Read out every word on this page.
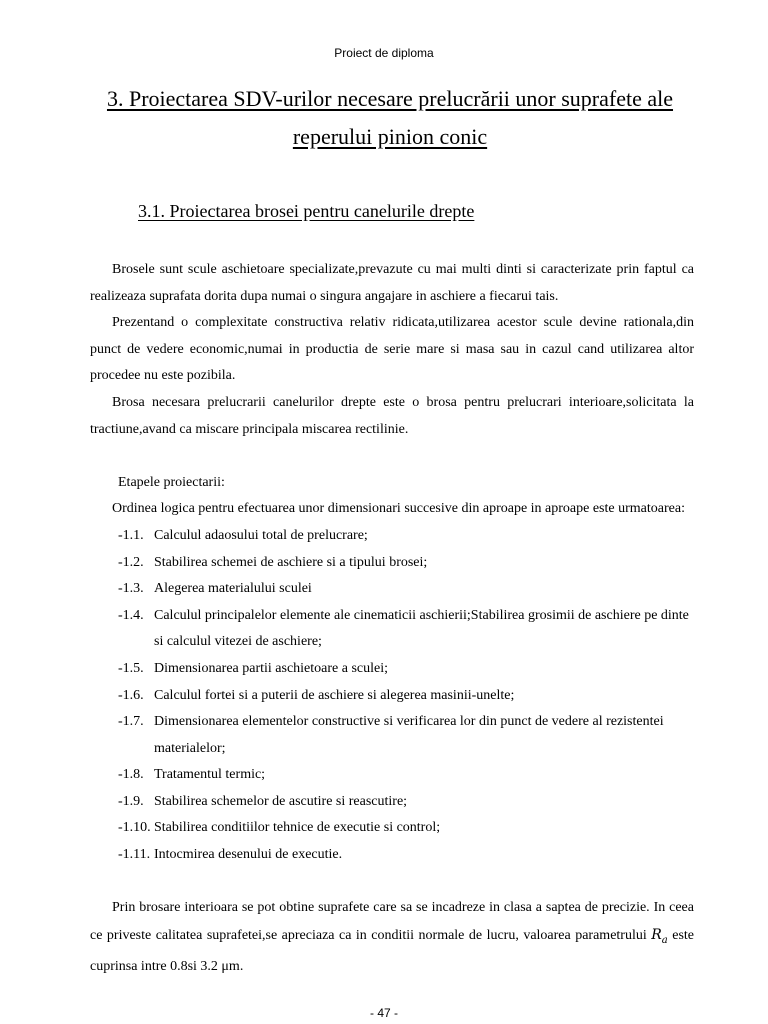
Proiect de diploma
3. Proiectarea SDV-urilor necesare prelucrării unor suprafete ale
reperului pinion conic
3.1. Proiectarea brosei pentru canelurile drepte

Brosele sunt scule aschietoare specializate,prevazute cu mai multi dinti si caracterizate prin faptul ca realizeaza suprafata dorita dupa numai o singura angajare in aschiere a fiecarui tais.

Prezentand o complexitate constructiva relativ ridicata,utilizarea acestor scule devine rationala,din punct de vedere economic,numai in productia de serie mare si masa sau in cazul cand utilizarea altor procedee nu este pozibila.

Brosa necesara prelucrarii canelurilor drepte este o brosa pentru prelucrari interioare,solicitata la tractiune,avand ca miscare principala miscarea rectilinie.

Etapele proiectarii:

Ordinea logica pentru efectuarea unor dimensionari succesive din aproape in aproape este urmatoarea:

-1.1. Calculul adaosului total de prelucrare;
-1.2. Stabilirea schemei de aschiere si a tipului brosei;
-1.3. Alegerea materialului sculei
-1.4. Calculul principalelor elemente ale cinematicii aschierii;Stabilirea grosimii de aschiere pe dinte si calculul vitezei de aschiere;
-1.5. Dimensionarea partii aschietoare a sculei;
-1.6. Calculul fortei si a puterii de aschiere si alegerea masinii-unelte;
-1.7. Dimensionarea elementelor constructive si verificarea lor din punct de vedere al rezistentei materialelor;
-1.8. Tratamentul termic;
-1.9. Stabilirea schemelor de ascutire si reascutire;
-1.10. Stabilirea conditiilor tehnice de executie si control;
-1.11. Intocmirea desenului de executie.

Prin brosare interioara se pot obtine suprafete care sa se incadreze in clasa a saptea de precizie. In ceea ce priveste calitatea suprafetei,se apreciaza ca in conditii normale de lucru, valoarea parametrului $R_a$ este cuprinsa intre 0.8si 3.2 μm.

- 47 -
